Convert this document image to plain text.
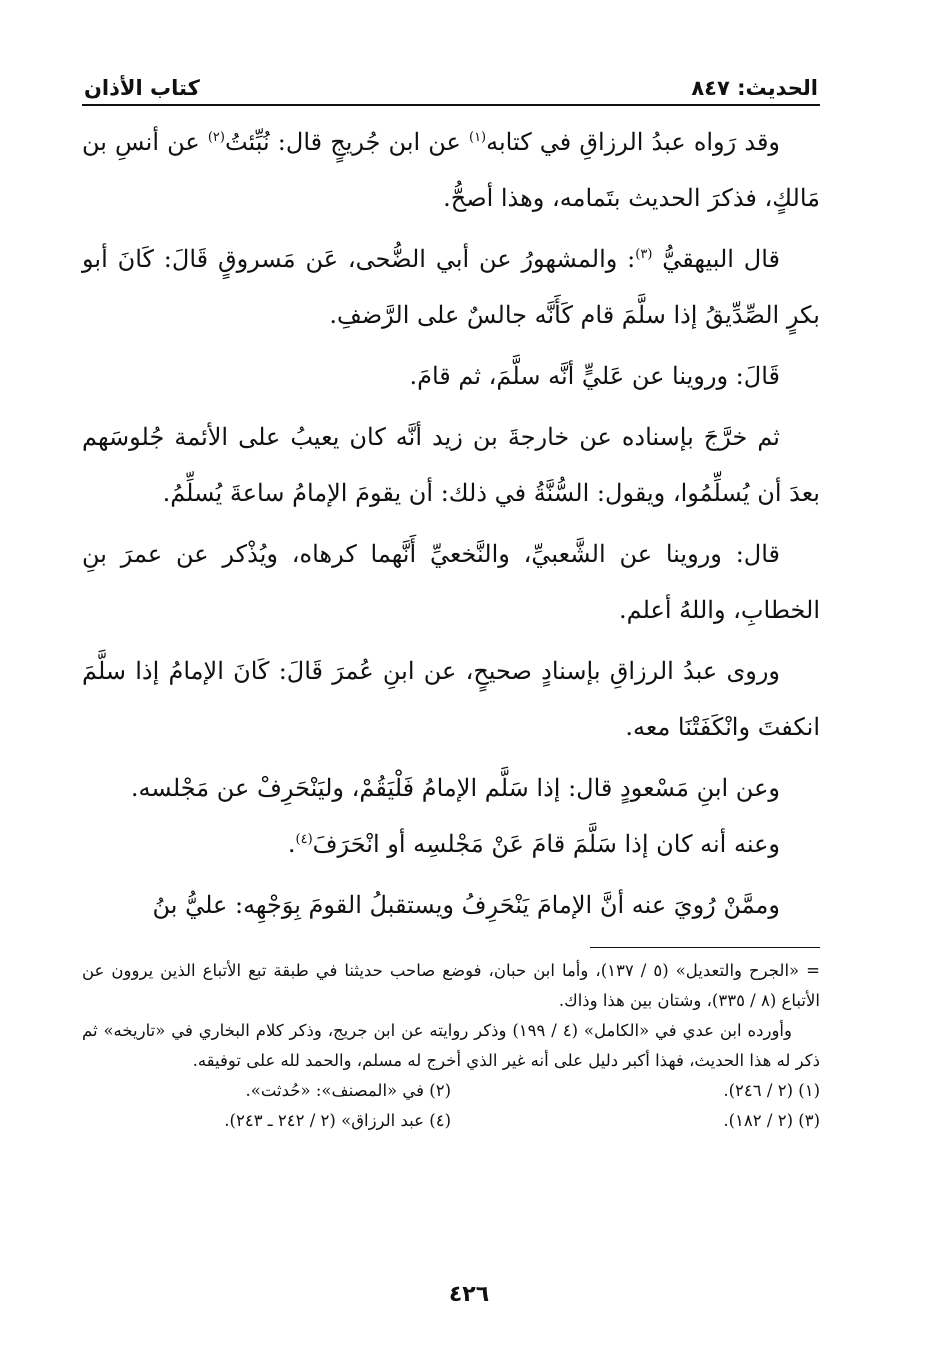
الحديث: ٨٤٧
كتاب الأذان

وقد رَواه عبدُ الرزاقِ في كتابه$^{(١)}$ عن ابن جُريجٍ قال: نُبِّئتُ$^{(٢)}$ عن أنسِ بن مَالكٍ، فذكرَ الحديث بتَمامه، وهذا أصحُّ.

قال البيهقيُّ $^{(٣)}$: والمشهورُ عن أبي الضُّحى، عَن مَسروقٍ قَالَ: كَانَ أبو بكرٍ الصِّدِّيقُ إذا سلَّمَ قام كَأَنَّه جالسٌ على الرَّضفِ.

قَالَ: وروينا عن عَليٍّ أنَّه سلَّمَ، ثم قامَ.

ثم خرَّجَ بإسناده عن خارجةَ بن زيد أنَّه كان يعيبُ على الأئمة جُلوسَهم بعدَ أن يُسلِّمُوا، ويقول: السُّنَّةُ في ذلك: أن يقومَ الإمامُ ساعةَ يُسلِّمُ.

قال: وروينا عن الشَّعبيِّ، والنَّخعيِّ أَنَّهما كرهاه، ويُذْكر عن عمرَ بنِ الخطابِ، واللهُ أعلم.

وروى عبدُ الرزاقِ بإسنادٍ صحيحٍ، عن ابنِ عُمرَ قَالَ: كَانَ الإمامُ إذا سلَّمَ انكفتَ وانْكَفَتْنَا معه.

وعن ابنِ مَسْعودٍ قال: إذا سَلَّم الإمامُ فَلْيَقُمْ، وليَنْحَرِفْ عن مَجْلسه.

وعنه أنه كان إذا سَلَّمَ قامَ عَنْ مَجْلسِه أو انْحَرَفَ$^{(٤)}$.

وممَّنْ رُويَ عنه أنَّ الإمامَ يَنْحَرِفُ ويستقبلُ القومَ بِوَجْهِه: عليُّ بنُ

= «الجرح والتعديل» (٥ / ١٣٧)، وأما ابن حبان، فوضع صاحب حديثنا في طبقة تبع الأتباع الذين يروون عن الأتباع (٨ / ٣٣٥)، وشتان بين هذا وذاك.

وأورده ابن عدي في «الكامل» (٤ / ١٩٩) وذكر روايته عن ابن جريج، وذكر كلام البخاري في «تاريخه» ثم ذكر له هذا الحديث، فهذا أكبر دليل على أنه غير الذي أخرج له مسلم، والحمد لله على توفيقه.

(١) (٢ / ٢٤٦).
(٢) في «المصنف»: «حُدثت».
(٣) (٢ / ١٨٢).
(٤) عبد الرزاق» (٢ / ٢٤٢ ـ ٢٤٣).
٤٢٦
